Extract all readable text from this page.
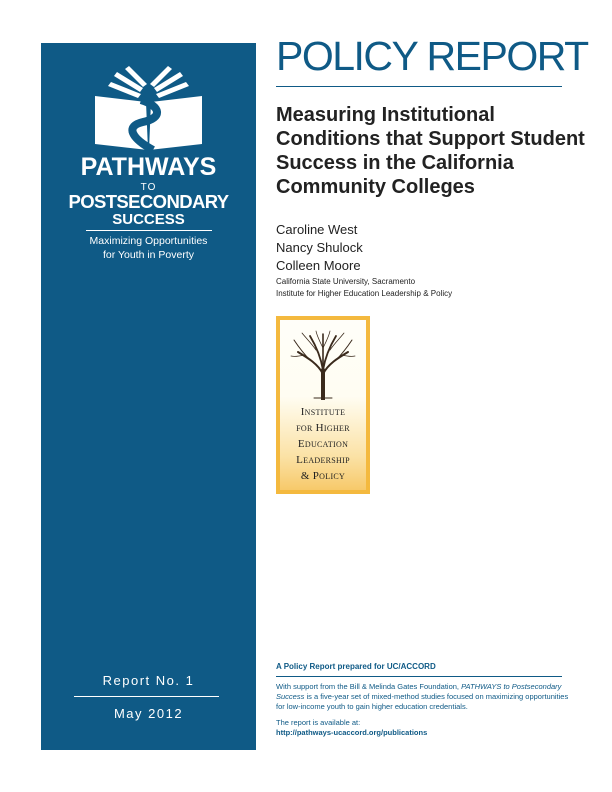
PATHWAYS
TO
POSTSECONDARY
SUCCESS
Maximizing Opportunities
for Youth in Poverty
Report No. 1
May 2012
POLICY REPORT
Measuring Institutional
Conditions that Support Student
Success in the California
Community Colleges
Caroline West
Nancy Shulock
Colleen Moore
California State University, Sacramento
Institute for Higher Education Leadership & Policy
Institute
for Higher
Education
Leadership
& Policy
A Policy Report prepared for UC/ACCORD
With support from the Bill & Melinda Gates Foundation, PATHWAYS to Postsecondary
Success is a five-year set of mixed-method studies focused on maximizing opportunities
for low-income youth to gain higher education credentials.
The report is available at:
http://pathways-ucaccord.org/publications
